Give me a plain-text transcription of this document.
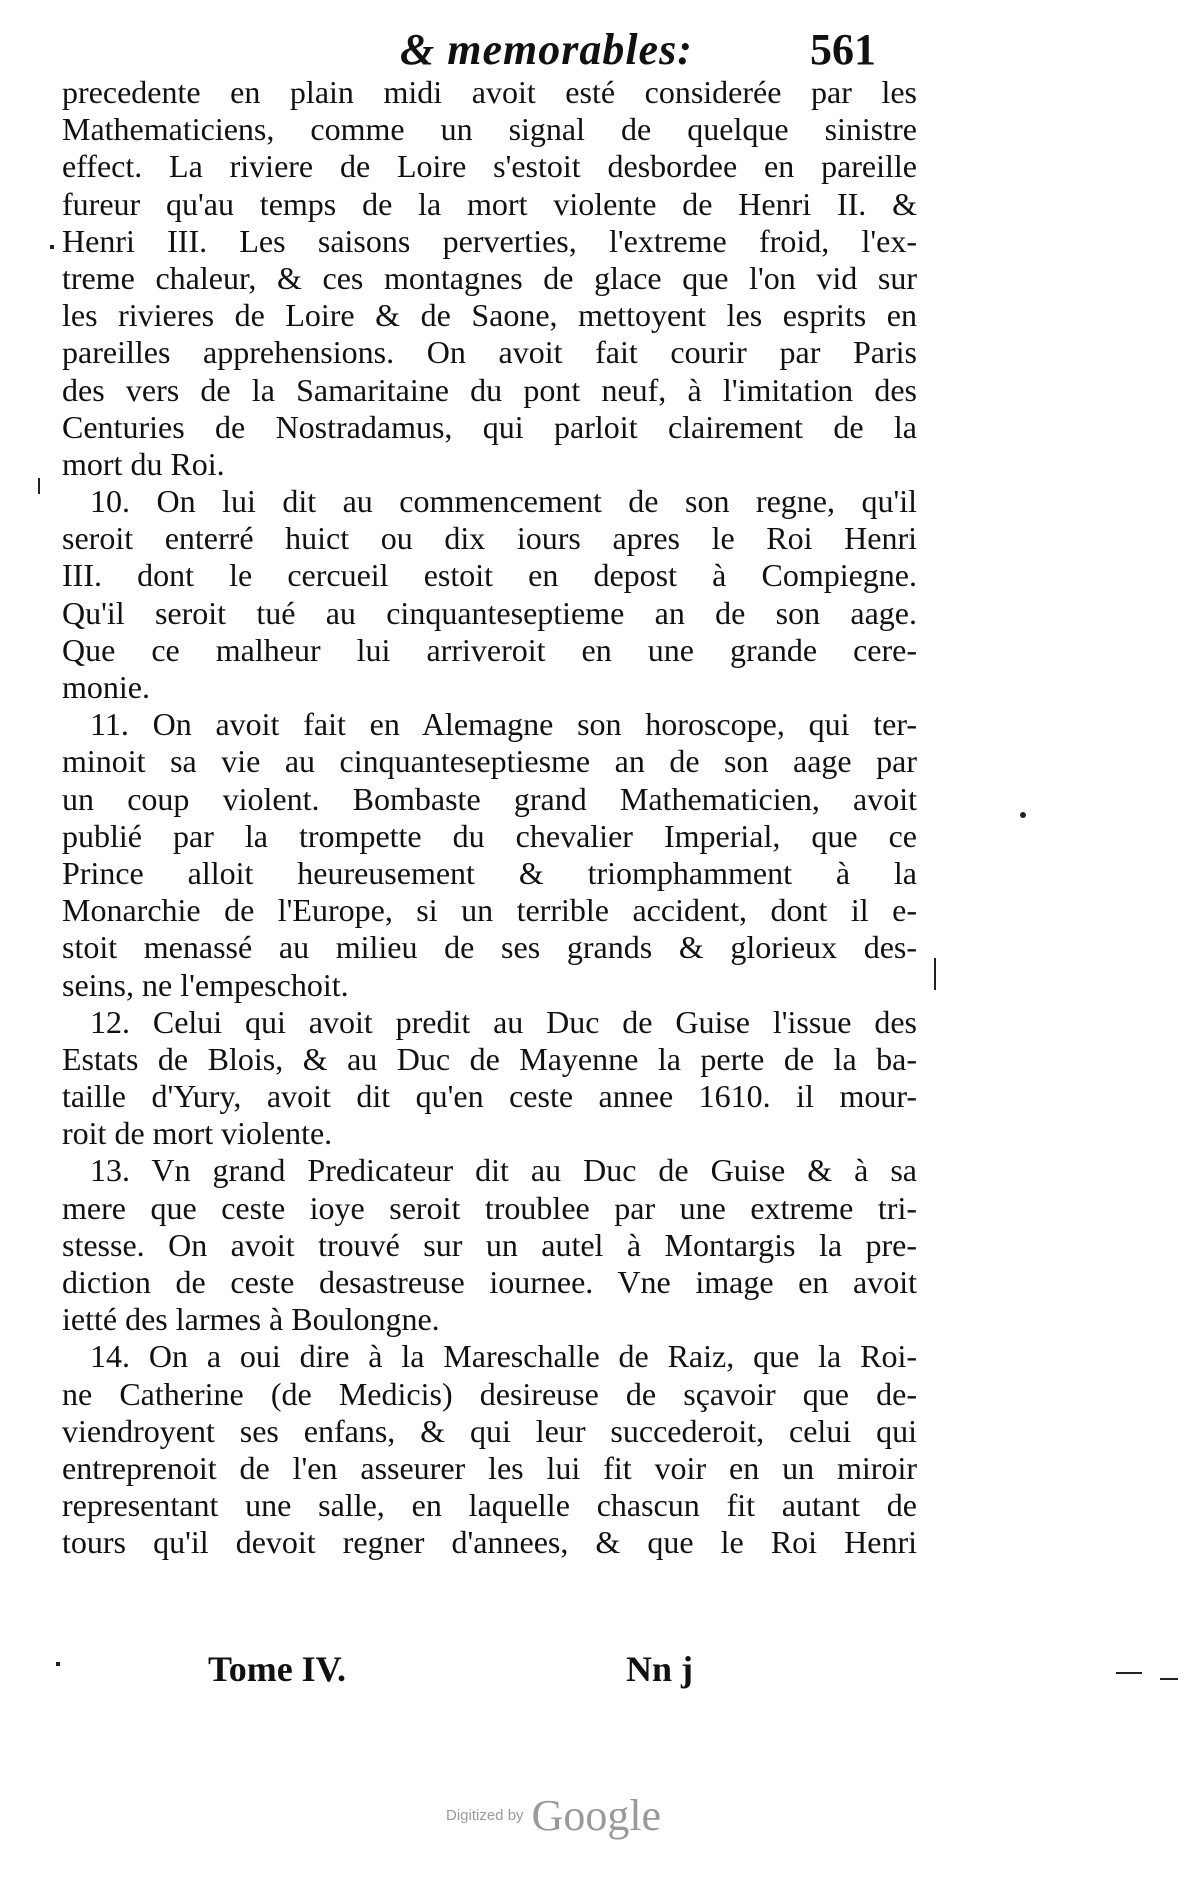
& memorables:	561
precedente en plain midi avoit esté considerée par les
Mathematiciens, comme un signal de quelque sinistre
effect. La riviere de Loire s'estoit desbordee en pareille
fureur qu'au temps de la mort violente de Henri II. &
Henri III. Les saisons perverties, l'extreme froid, l'ex-
treme chaleur, & ces montagnes de glace que l'on vid sur
les rivieres de Loire & de Saone, mettoyent les esprits en
pareilles apprehensions. On avoit fait courir par Paris
des vers de la Samaritaine du pont neuf, à l'imitation des
Centuries de Nostradamus, qui parloit clairement de la
mort du Roi.
10. On lui dit au commencement de son regne, qu'il
seroit enterré huict ou dix iours apres le Roi Henri
III. dont le cercueil estoit en depost à Compiegne.
Qu'il seroit tué au cinquanteseptieme an de son aage.
Que ce malheur lui arriveroit en une grande cere-
monie.
11. On avoit fait en Alemagne son horoscope, qui ter-
minoit sa vie au cinquanteseptiesme an de son aage par
un coup violent. Bombaste grand Mathematicien, avoit
publié par la trompette du chevalier Imperial, que ce
Prince alloit heureusement & triomphamment à la
Monarchie de l'Europe, si un terrible accident, dont il e-
stoit menassé au milieu de ses grands & glorieux des-
seins, ne l'empeschoit.
12. Celui qui avoit predit au Duc de Guise l'issue des
Estats de Blois, & au Duc de Mayenne la perte de la ba-
taille d'Yury, avoit dit qu'en ceste annee 1610. il mour-
roit de mort violente.
13. Vn grand Predicateur dit au Duc de Guise & à sa
mere que ceste ioye seroit troublee par une extreme tri-
stesse. On avoit trouvé sur un autel à Montargis la pre-
diction de ceste desastreuse iournee. Vne image en avoit
ietté des larmes à Boulongne.
14. On a oui dire à la Mareschalle de Raiz, que la Roi-
ne Catherine (de Medicis) desireuse de sçavoir que de-
viendroyent ses enfans, & qui leur succederoit, celui qui
entreprenoit de l'en asseurer les lui fit voir en un miroir
representant une salle, en laquelle chascun fit autant de
tours qu'il devoit regner d'annees, & que le Roi Henri
Tome IV.	Nn j
Digitized by Google
